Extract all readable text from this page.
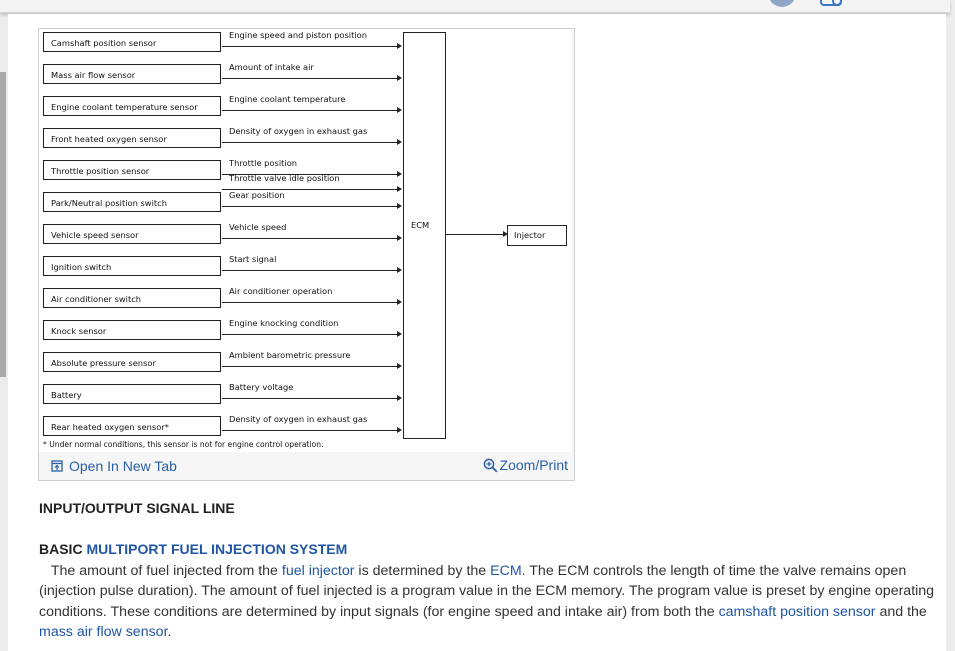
ECM
Injector
* Under normal conditions, this sensor is not for engine control operation.
Camshaft position sensor
Engine speed and piston position
Mass air flow sensor
Amount of intake air
Engine coolant temperature sensor
Engine coolant temperature
Front heated oxygen sensor
Density of oxygen in exhaust gas
Throttle position sensor
Throttle position
Throttle valve idle position
Park/Neutral position switch
Gear position
Vehicle speed sensor
Vehicle speed
Ignition switch
Start signal
Air conditioner switch
Air conditioner operation
Knock sensor
Engine knocking condition
Absolute pressure sensor
Ambient barometric pressure
Battery
Battery voltage
Rear heated oxygen sensor*
Density of oxygen in exhaust gas
Open In New Tab	Zoom/Print
INPUT/OUTPUT SIGNAL LINE
BASIC MULTIPORT FUEL INJECTION SYSTEM
The amount of fuel injected from the fuel injector is determined by the ECM. The ECM controls the length of time the valve remains open (injection pulse duration). The amount of fuel injected is a program value in the ECM memory. The program value is preset by engine operating conditions. These conditions are determined by input signals (for engine speed and intake air) from both the camshaft position sensor and the mass air flow sensor.
